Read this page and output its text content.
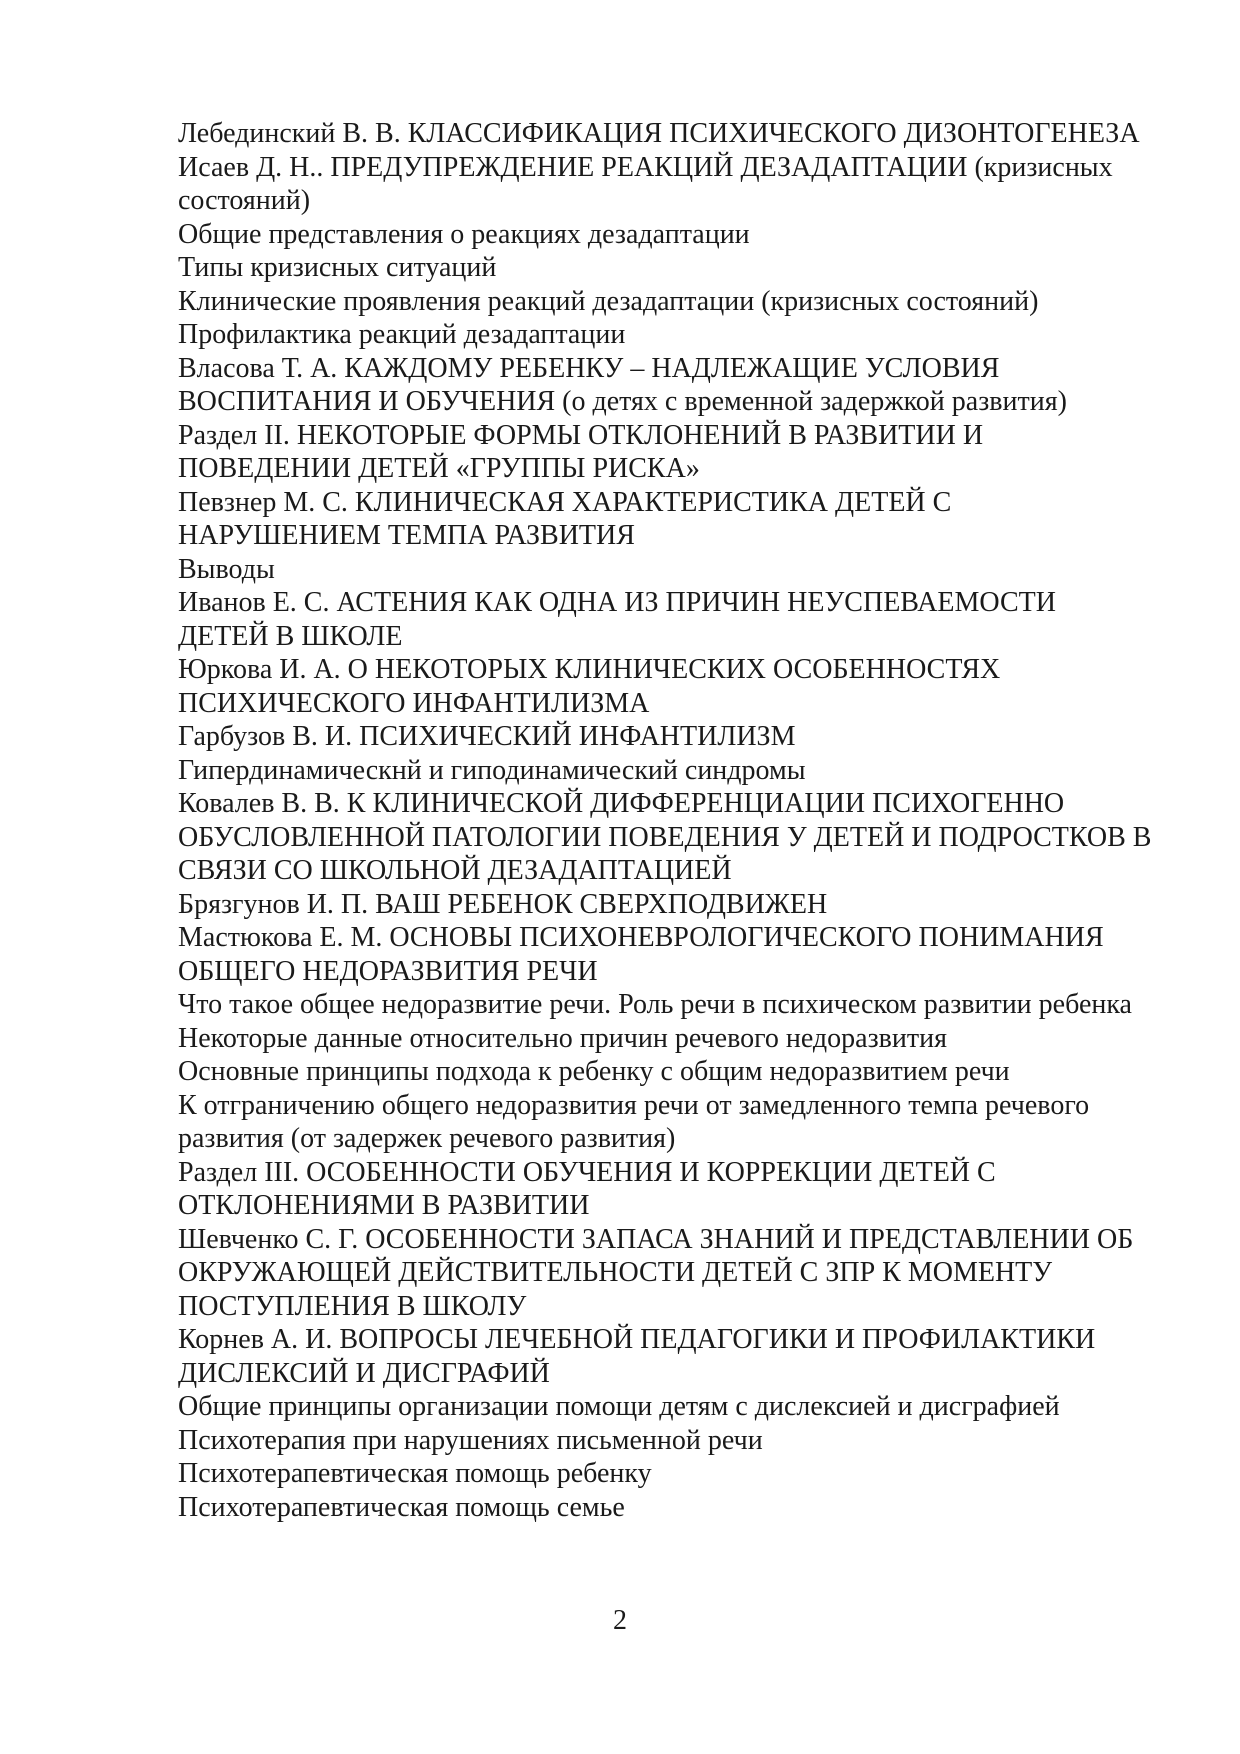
Лебединский В. В. КЛАССИФИКАЦИЯ ПСИХИЧЕСКОГО ДИЗОНТОГЕНЕЗА
Исаев Д. Н.. ПРЕДУПРЕЖДЕНИЕ РЕАКЦИЙ ДЕЗАДАПТАЦИИ (кризисных состояний)
Общие представления о реакциях дезадаптации
Типы кризисных ситуаций
Клинические проявления реакций дезадаптации (кризисных состояний)
Профилактика реакций дезадаптации
Власова Т. А. КАЖДОМУ РЕБЕНКУ – НАДЛЕЖАЩИЕ УСЛОВИЯ ВОСПИТАНИЯ И ОБУЧЕНИЯ (о детях с временной задержкой развития)
Раздел II. НЕКОТОРЫЕ ФОРМЫ ОТКЛОНЕНИЙ В РАЗВИТИИ И ПОВЕДЕНИИ ДЕТЕЙ «ГРУППЫ РИСКА»
Певзнер М. С. КЛИНИЧЕСКАЯ ХАРАКТЕРИСТИКА ДЕТЕЙ С НАРУШЕНИЕМ ТЕМПА РАЗВИТИЯ
Выводы
Иванов Е. С. АСТЕНИЯ КАК ОДНА ИЗ ПРИЧИН НЕУСПЕВАЕМОСТИ ДЕТЕЙ В ШКОЛЕ
Юркова И. А. О НЕКОТОРЫХ КЛИНИЧЕСКИХ ОСОБЕННОСТЯХ ПСИХИЧЕСКОГО ИНФАНТИЛИЗМА
Гарбузов В. И. ПСИХИЧЕСКИЙ ИНФАНТИЛИЗМ
Гипердинамическнй и гиподинамический синдромы
Ковалев В. В. К КЛИНИЧЕСКОЙ ДИФФЕРЕНЦИАЦИИ ПСИХОГЕННО ОБУСЛОВЛЕННОЙ ПАТОЛОГИИ ПОВЕДЕНИЯ У ДЕТЕЙ И ПОДРОСТКОВ В СВЯЗИ СО ШКОЛЬНОЙ ДЕЗАДАПТАЦИЕЙ
Брязгунов И. П. ВАШ РЕБЕНОК СВЕРХПОДВИЖЕН
Мастюкова Е. М. ОСНОВЫ ПСИХОНЕВРОЛОГИЧЕСКОГО ПОНИМАНИЯ ОБЩЕГО НЕДОРАЗВИТИЯ РЕЧИ
Что такое общее недоразвитие речи. Роль речи в психическом развитии ребенка
Некоторые данные относительно причин речевого недоразвития
Основные принципы подхода к ребенку с общим недоразвитием речи
К отграничению общего недоразвития речи от замедленного темпа речевого развития (от задержек речевого развития)
Раздел III. ОСОБЕННОСТИ ОБУЧЕНИЯ И КОРРЕКЦИИ ДЕТЕЙ С ОТКЛОНЕНИЯМИ В РАЗВИТИИ
Шевченко С. Г. ОСОБЕННОСТИ ЗАПАСА ЗНАНИЙ И ПРЕДСТАВЛЕНИИ ОБ ОКРУЖАЮЩЕЙ ДЕЙСТВИТЕЛЬНОСТИ ДЕТЕЙ С ЗПР К МОМЕНТУ ПОСТУПЛЕНИЯ В ШКОЛУ
Корнев А. И. ВОПРОСЫ ЛЕЧЕБНОЙ ПЕДАГОГИКИ И ПРОФИЛАКТИКИ ДИСЛЕКСИЙ И ДИСГРАФИЙ
Общие принципы организации помощи детям с дислексией и дисграфией
Психотерапия при нарушениях письменной речи
Психотерапевтическая помощь ребенку
Психотерапевтическая помощь семье
2
